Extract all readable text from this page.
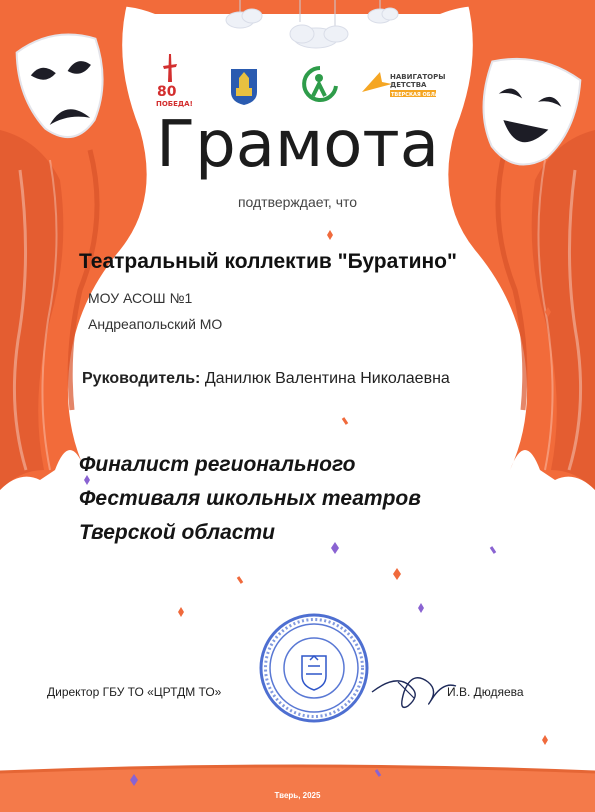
80
ПОБЕДА!
НАВИГАТОРЫ
ДЕТСТВА
ТВЕРСКАЯ ОБЛАСТЬ
Грамота
подтверждает, что
Театральный коллектив "Буратино"
МОУ АСОШ №1
Андреапольский МО
Руководитель: Данилюк Валентина Николаевна
Финалист регионального
Фестиваля школьных театров
Тверской области
Директор ГБУ ТО «ЦРТДМ ТО»	И.В. Дюдяева
Тверь, 2025
